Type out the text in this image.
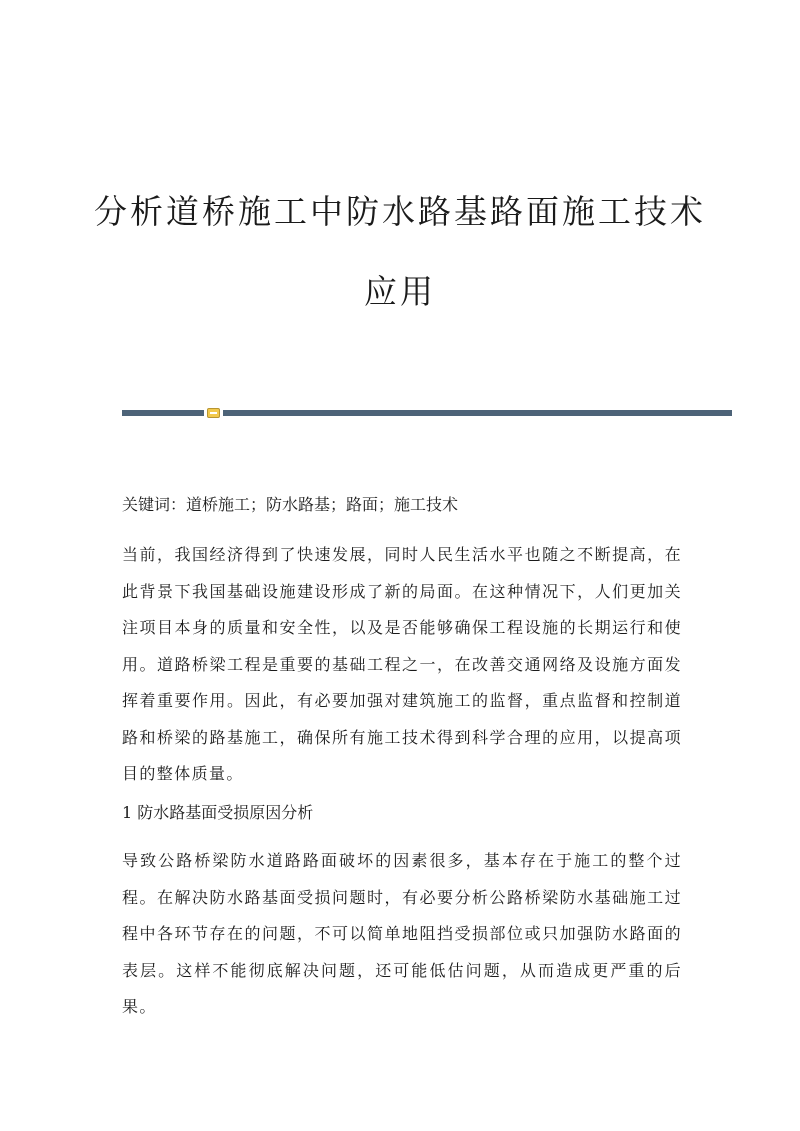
分析道桥施工中防水路基路面施工技术
应用

关键词：道桥施工；防水路基；路面；施工技术

当前，我国经济得到了快速发展，同时人民生活水平也随之不断提高，在此背景下我国基础设施建设形成了新的局面。在这种情况下，人们更加关注项目本身的质量和安全性，以及是否能够确保工程设施的长期运行和使用。道路桥梁工程是重要的基础工程之一，在改善交通网络及设施方面发挥着重要作用。因此，有必要加强对建筑施工的监督，重点监督和控制道路和桥梁的路基施工，确保所有施工技术得到科学合理的应用，以提高项目的整体质量。

1 防水路基面受损原因分析

导致公路桥梁防水道路路面破坏的因素很多，基本存在于施工的整个过程。在解决防水路基面受损问题时，有必要分析公路桥梁防水基础施工过程中各环节存在的问题，不可以简单地阻挡受损部位或只加强防水路面的表层。这样不能彻底解决问题，还可能低估问题，从而造成更严重的后果。
